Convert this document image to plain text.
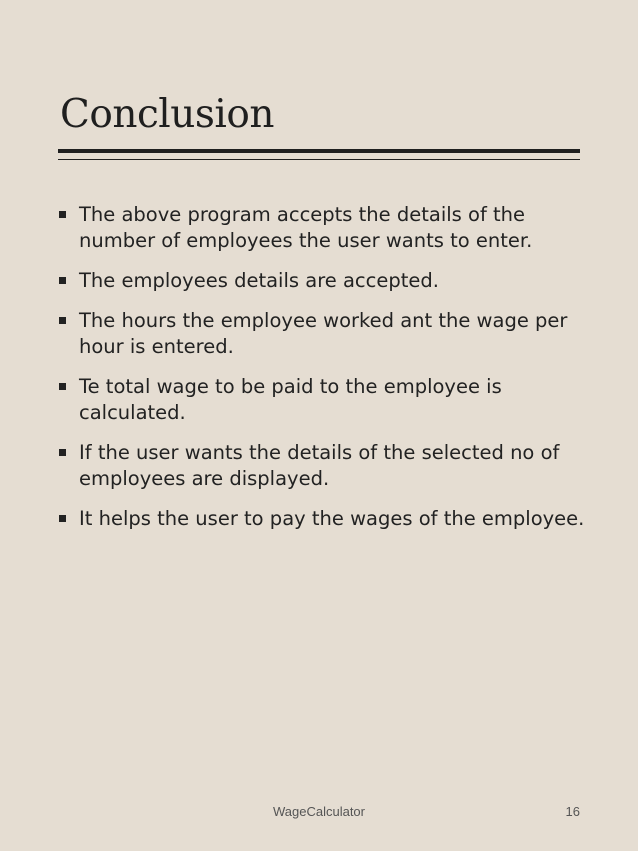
Conclusion
The above program accepts the details of the number of employees the user wants to enter.
The employees details are accepted.
The hours the employee worked ant the wage per hour is entered.
Te total wage to be paid to the employee is calculated.
If the user wants the details of the selected no of employees are displayed.
It helps the user to pay the wages of the employee.
WageCalculator	16
